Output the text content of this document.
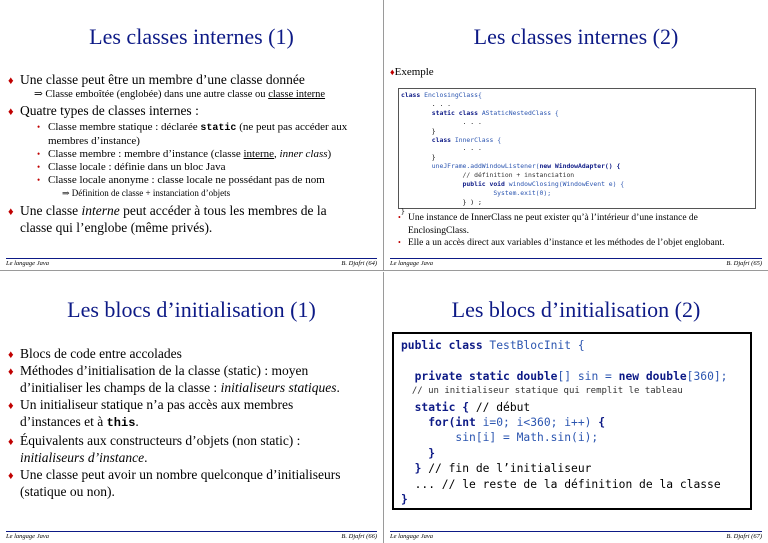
Les classes internes (1)
♦ Une classe peut être un membre d’une classe donnée
⇒ Classe emboîtée (englobée) dans une autre classe ou classe interne
♦ Quatre types de classes internes :
• Classe membre statique : déclarée static (ne peut pas accéder aux
membres d’instance)
• Classe membre : membre d’instance (classe interne, inner class)
• Classe locale : définie dans un bloc Java
• Classe locale anonyme : classe locale ne possédant pas de nom
⇒ Définition de classe + instanciation d’objets
♦ Une classe interne peut accéder à tous les membres de la
classe qui l’englobe (même privés).
Le langage Java	B. Djafri (64)
Les classes internes (2)
♦Exemple
class EnclosingClass{
. . .
static class AStaticNestedClass {
. . .
}
class InnerClass {
. . .
}
uneJFrame.addWindowListener(new WindowAdapter() {
// définition + instanciation
public void windowClosing(WindowEvent e) {
System.exit(0);
} ) ;
}
• Une instance de InnerClass ne peut exister qu’à l’intérieur d’une instance de
EnclosingClass.
• Elle a un accès direct aux variables d’instance et les méthodes de l’objet englobant.
Le langage Java	B. Djafri (65)
Les blocs d’initialisation (1)
♦ Blocs de code entre accolades
♦ Méthodes d’initialisation de la classe (static) : moyen
d’initialiser les champs de la classe : initialiseurs statiques.
♦ Un initialiseur statique n’a pas accès aux membres
d’instances et à this.
♦ Équivalents aux constructeurs d’objets (non static) :
initialiseurs d’instance.
♦ Une classe peut avoir un nombre quelconque d’initialiseurs
(statique ou non).
Le langage Java	B. Djafri (66)
Les blocs d’initialisation (2)
public class TestBlocInit {

private static double[] sin = new double[360];
// un initialiseur statique qui remplit le tableau
static { // début
for(int i=0; i<360; i++) {
sin[i] = Math.sin(i);
}
} // fin de l’initialiseur
... // le reste de la définition de la classe
}
Le langage Java	B. Djafri (67)
